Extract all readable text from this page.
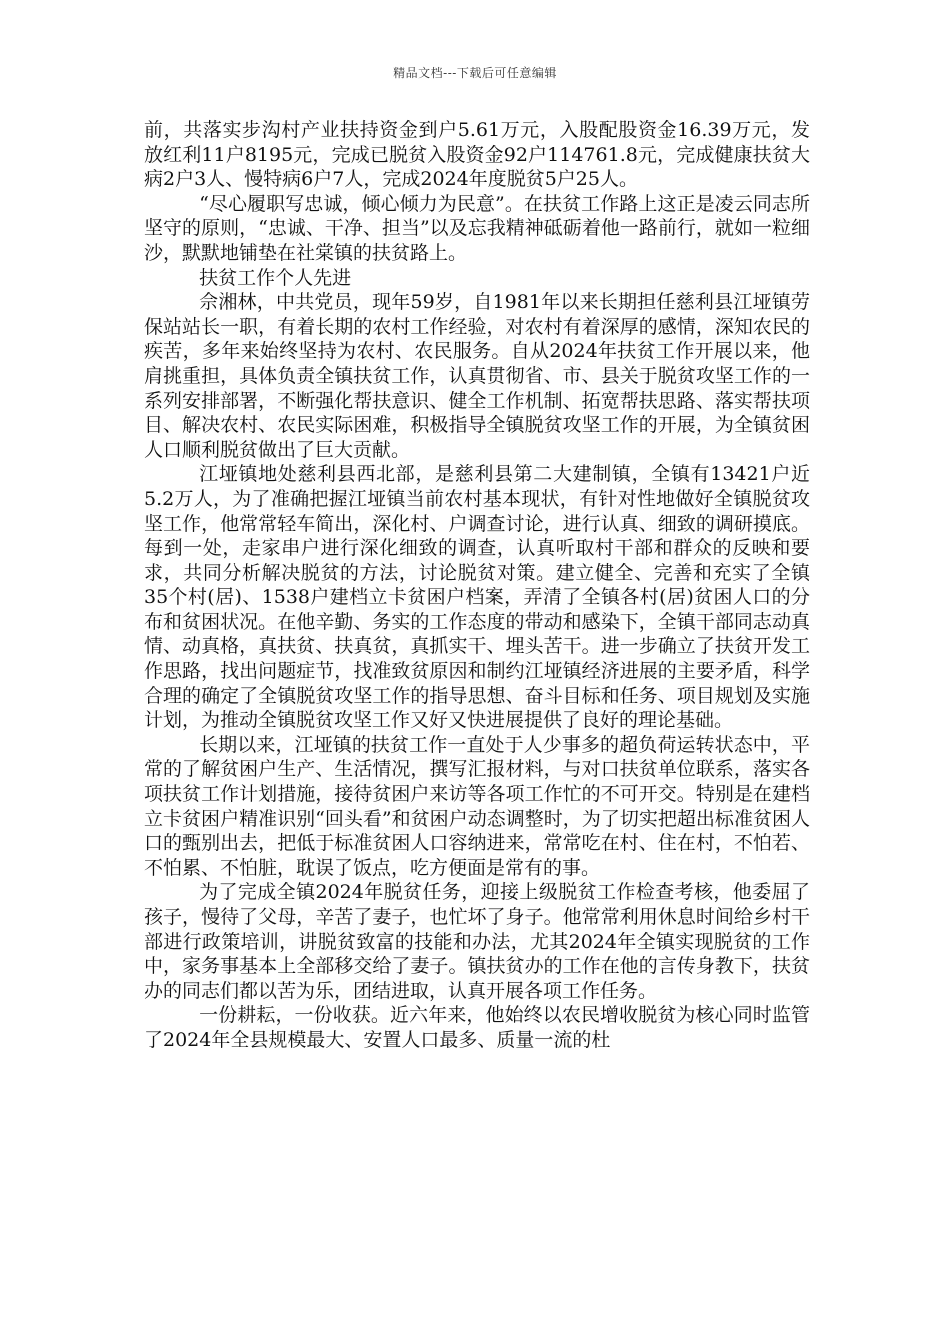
精品文档---下载后可任意编辑

前，共落实步沟村产业扶持资金到户5.61万元，入股配股资金16.39万元，发放红利11户8195元，完成已脱贫入股资金92户114761.8元，完成健康扶贫大病2户3人、慢特病6户7人，完成2024年度脱贫5户25人。

“尽心履职写忠诚，倾心倾力为民意”。在扶贫工作路上这正是凌云同志所坚守的原则，“忠诚、干净、担当”以及忘我精神砥砺着他一路前行，就如一粒细沙，默默地铺垫在社棠镇的扶贫路上。

扶贫工作个人先进

佘湘林，中共党员，现年59岁，自1981年以来长期担任慈利县江垭镇劳保站站长一职，有着长期的农村工作经验，对农村有着深厚的感情，深知农民的疾苦，多年来始终坚持为农村、农民服务。自从2024年扶贫工作开展以来，他肩挑重担，具体负责全镇扶贫工作，认真贯彻省、市、县关于脱贫攻坚工作的一系列安排部署，不断强化帮扶意识、健全工作机制、拓宽帮扶思路、落实帮扶项目、解决农村、农民实际困难，积极指导全镇脱贫攻坚工作的开展，为全镇贫困人口顺利脱贫做出了巨大贡献。

江垭镇地处慈利县西北部，是慈利县第二大建制镇，全镇有13421户近5.2万人，为了准确把握江垭镇当前农村基本现状，有针对性地做好全镇脱贫攻坚工作，他常常轻车简出，深化村、户调查讨论，进行认真、细致的调研摸底。每到一处，走家串户进行深化细致的调查，认真听取村干部和群众的反映和要求，共同分析解决脱贫的方法，讨论脱贫对策。建立健全、完善和充实了全镇35个村(居)、1538户建档立卡贫困户档案，弄清了全镇各村(居)贫困人口的分布和贫困状况。在他辛勤、务实的工作态度的带动和感染下，全镇干部同志动真情、动真格，真扶贫、扶真贫，真抓实干、埋头苦干。进一步确立了扶贫开发工作思路，找出问题症节，找准致贫原因和制约江垭镇经济进展的主要矛盾，科学合理的确定了全镇脱贫攻坚工作的指导思想、奋斗目标和任务、项目规划及实施计划，为推动全镇脱贫攻坚工作又好又快进展提供了良好的理论基础。

长期以来，江垭镇的扶贫工作一直处于人少事多的超负荷运转状态中，平常的了解贫困户生产、生活情况，撰写汇报材料，与对口扶贫单位联系，落实各项扶贫工作计划措施，接待贫困户来访等各项工作忙的不可开交。特别是在建档立卡贫困户精准识别“回头看”和贫困户动态调整时，为了切实把超出标准贫困人口的甄别出去，把低于标准贫困人口容纳进来，常常吃在村、住在村，不怕若、不怕累、不怕脏，耽误了饭点，吃方便面是常有的事。

为了完成全镇2024年脱贫任务，迎接上级脱贫工作检查考核，他委屈了孩子，慢待了父母，辛苦了妻子，也忙坏了身子。他常常利用休息时间给乡村干部进行政策培训，讲脱贫致富的技能和办法，尤其2024年全镇实现脱贫的工作中，家务事基本上全部移交给了妻子。镇扶贫办的工作在他的言传身教下，扶贫办的同志们都以苦为乐，团结进取，认真开展各项工作任务。

一份耕耘，一份收获。近六年来，他始终以农民增收脱贫为核心同时监管了2024年全县规模最大、安置人口最多、质量一流的杜
